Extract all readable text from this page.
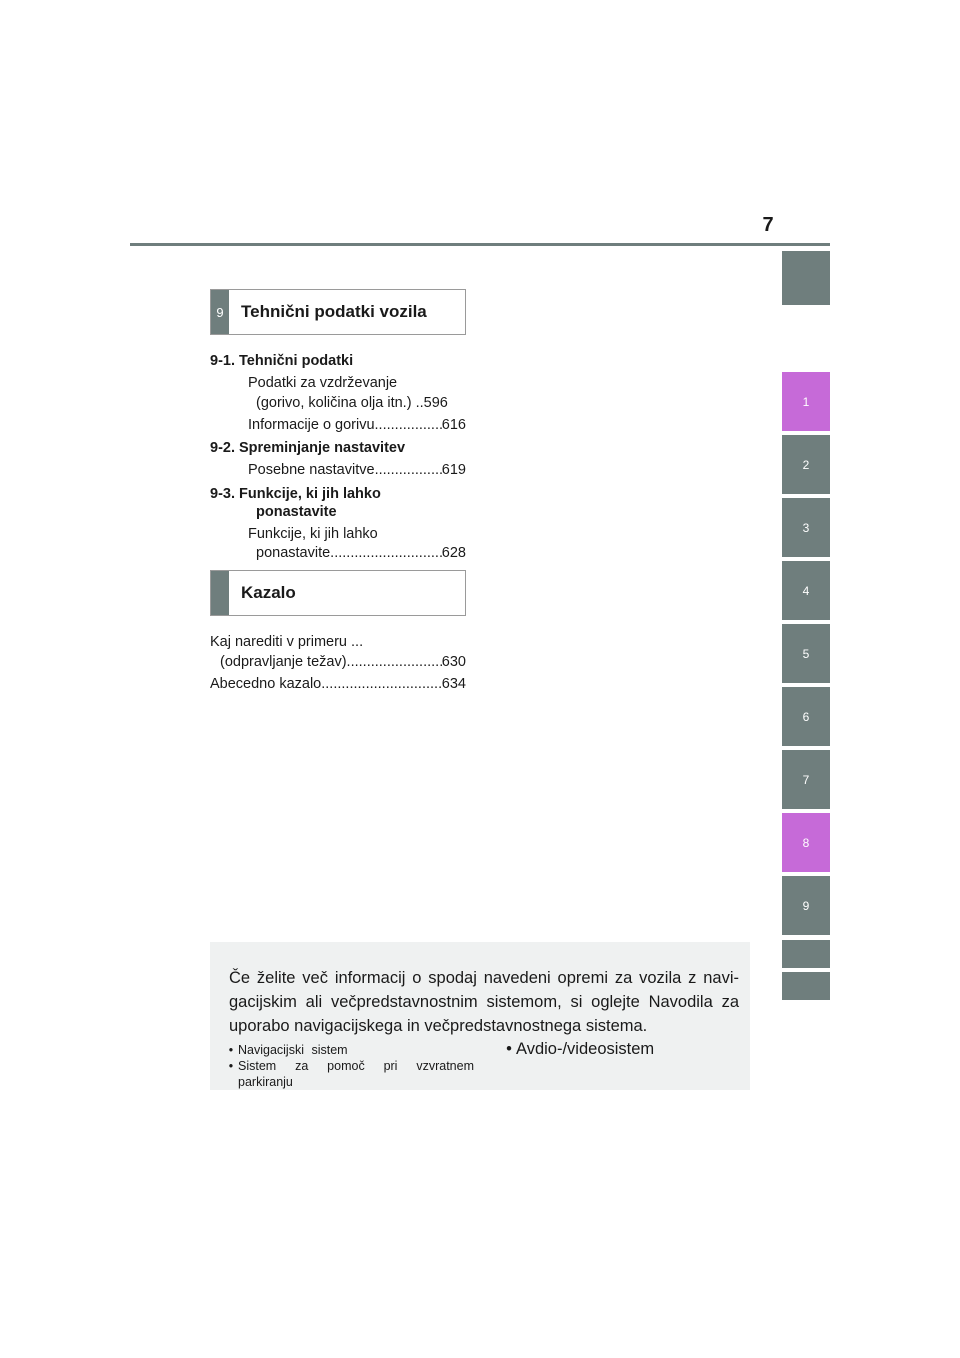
7
1
2
3
4
5
6
7
8
9
9	Tehnični podatki vozila
9-1. Tehnični podatki
Podatki za vzdrževanje
(gorivo, količina olja itn.) .. 596
Informacije o gorivu .....	616
9-2. Spreminjanje nastavitev
Posebne nastavitve .....	619
9-3. Funkcije, ki jih lahko
ponastavite
Funkcije, ki jih lahko
ponastavite .....	628
Kazalo
Kaj narediti v primeru ...
(odpravljanje težav) .....	630
Abecedno kazalo .....	634
Če želite več informacij o spodaj navedeni opremi za vozila z navi-gacijskim ali večpredstavnostnim sistemom, si oglejte Navodila za uporabo navigacijskega in večpredstavnostnega sistema.
• Navigacijski sistem
• Sistem za pomoč pri vzvratnem parkiranju
• Avdio-/videosistem
